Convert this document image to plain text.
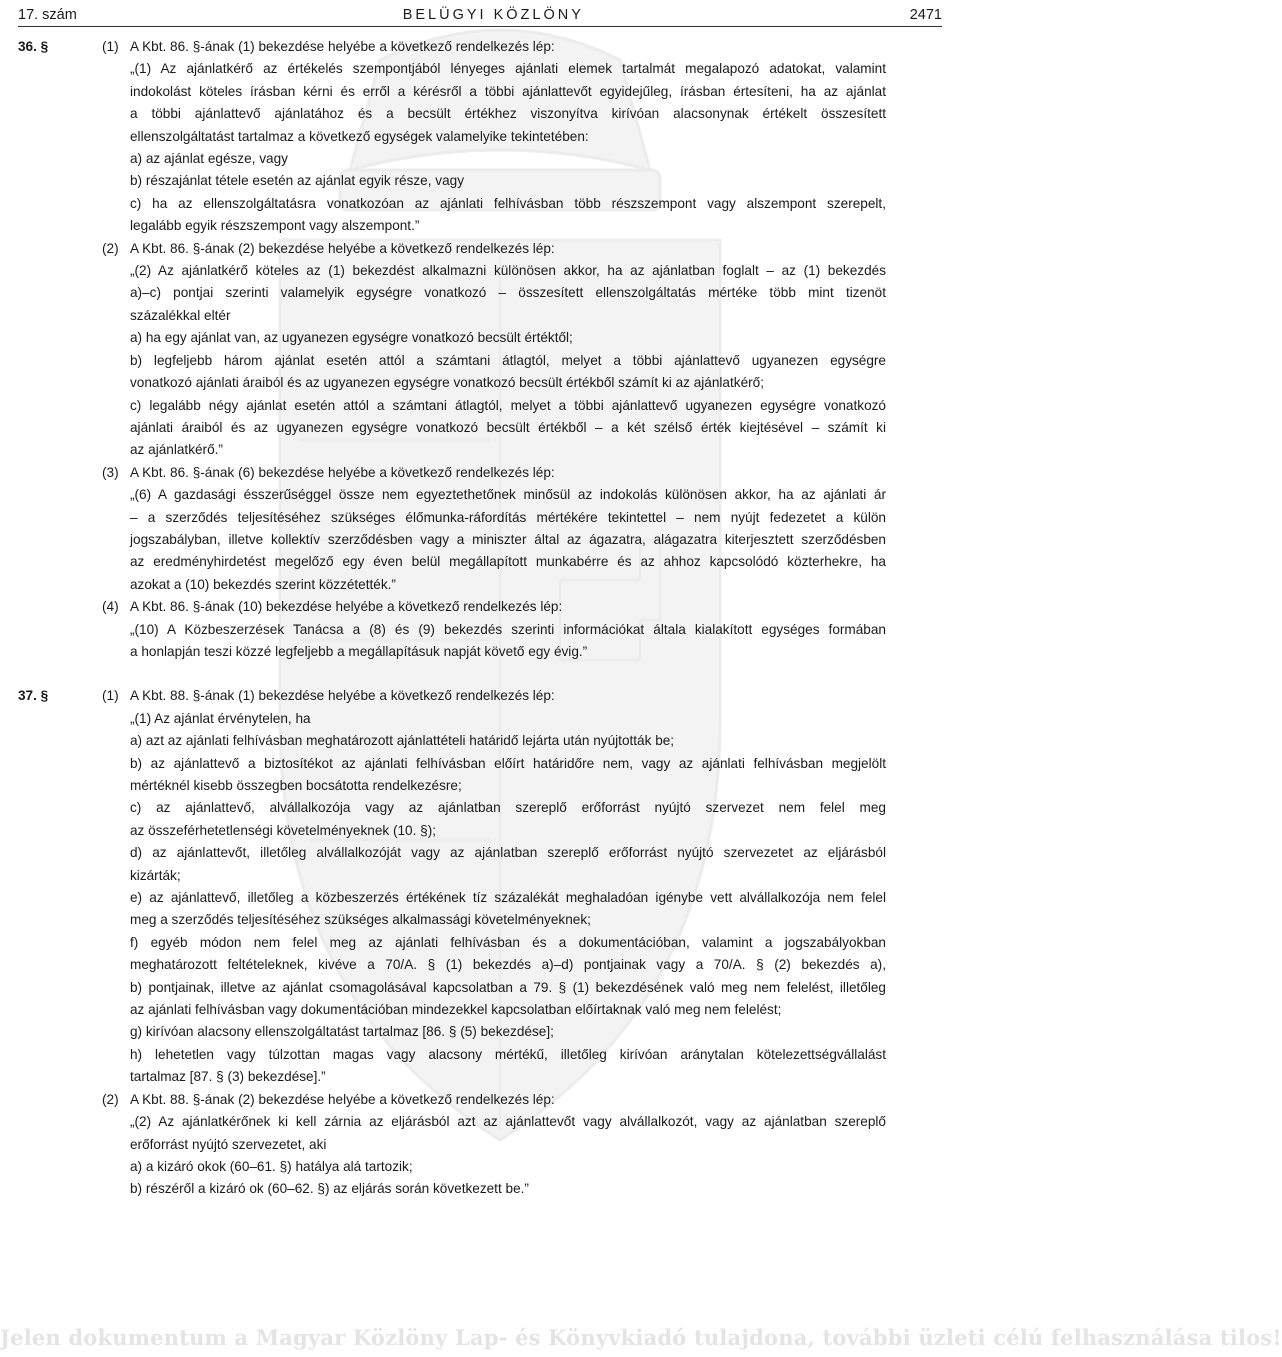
17. szám	BELÜGYI KÖZLÖNY	2471
36. §	(1) A Kbt. 86. §-ának (1) bekezdése helyébe a következő rendelkezés lép:

„(1) Az ajánlatkérő az értékelés szempontjából lényeges ajánlati elemek tartalmát megalapozó adatokat, valamint

indokolást köteles írásban kérni és erről a kérésről a többi ajánlattevőt egyidejűleg, írásban értesíteni, ha az ajánlat

a többi ajánlattevő ajánlatához és a becsült értékhez viszonyítva kirívóan alacsonynak értékelt összesített

ellenszolgáltatást tartalmaz a következő egységek valamelyike tekintetében:

a) az ajánlat egésze, vagy

b) részajánlat tétele esetén az ajánlat egyik része, vagy

c) ha az ellenszolgáltatásra vonatkozóan az ajánlati felhívásban több részszempont vagy alszempont szerepelt,

legalább egyik részszempont vagy alszempont.”

(2) A Kbt. 86. §-ának (2) bekezdése helyébe a következő rendelkezés lép:

„(2) Az ajánlatkérő köteles az (1) bekezdést alkalmazni különösen akkor, ha az ajánlatban foglalt – az (1) bekezdés

a)–c) pontjai szerinti valamelyik egységre vonatkozó – összesített ellenszolgáltatás mértéke több mint tizenöt

százalékkal eltér

a) ha egy ajánlat van, az ugyanezen egységre vonatkozó becsült értéktől;

b) legfeljebb három ajánlat esetén attól a számtani átlagtól, melyet a többi ajánlattevő ugyanezen egységre

vonatkozó ajánlati áraiból és az ugyanezen egységre vonatkozó becsült értékből számít ki az ajánlatkérő;

c) legalább négy ajánlat esetén attól a számtani átlagtól, melyet a többi ajánlattevő ugyanezen egységre vonatkozó

ajánlati áraiból és az ugyanezen egységre vonatkozó becsült értékből – a két szélső érték kiejtésével – számít ki

az ajánlatkérő.”

(3) A Kbt. 86. §-ának (6) bekezdése helyébe a következő rendelkezés lép:

„(6) A gazdasági ésszerűséggel össze nem egyeztethetőnek minősül az indokolás különösen akkor, ha az ajánlati ár

– a szerződés teljesítéséhez szükséges élőmunka-ráfordítás mértékére tekintettel – nem nyújt fedezetet a külön

jogszabályban, illetve kollektív szerződésben vagy a miniszter által az ágazatra, alágazatra kiterjesztett szerződésben

az eredményhirdetést megelőző egy éven belül megállapított munkabérre és az ahhoz kapcsolódó közterhekre, ha

azokat a (10) bekezdés szerint közzétették.”

(4) A Kbt. 86. §-ának (10) bekezdése helyébe a következő rendelkezés lép:

„(10) A Közbeszerzések Tanácsa a (8) és (9) bekezdés szerinti információkat általa kialakított egységes formában

a honlapján teszi közzé legfeljebb a megállapításuk napját követő egy évig.”

37. §	(1) A Kbt. 88. §-ának (1) bekezdése helyébe a következő rendelkezés lép:

„(1) Az ajánlat érvénytelen, ha

a) azt az ajánlati felhívásban meghatározott ajánlattételi határidő lejárta után nyújtották be;

b) az ajánlattevő a biztosítékot az ajánlati felhívásban előírt határidőre nem, vagy az ajánlati felhívásban megjelölt

mértéknél kisebb összegben bocsátotta rendelkezésre;

c) az ajánlattevő, alvállalkozója vagy az ajánlatban szereplő erőforrást nyújtó szervezet nem felel meg

az összeférhetetlenségi követelményeknek (10. §);

d) az ajánlattevőt, illetőleg alvállalkozóját vagy az ajánlatban szereplő erőforrást nyújtó szervezetet az eljárásból

kizárták;

e) az ajánlattevő, illetőleg a közbeszerzés értékének tíz százalékát meghaladóan igénybe vett alvállalkozója nem felel

meg a szerződés teljesítéséhez szükséges alkalmassági követelményeknek;

f) egyéb módon nem felel meg az ajánlati felhívásban és a dokumentációban, valamint a jogszabályokban

meghatározott feltételeknek, kivéve a 70/A. § (1) bekezdés a)–d) pontjainak vagy a 70/A. § (2) bekezdés a),

b) pontjainak, illetve az ajánlat csomagolásával kapcsolatban a 79. § (1) bekezdésének való meg nem felelést, illetőleg

az ajánlati felhívásban vagy dokumentációban mindezekkel kapcsolatban előírtaknak való meg nem felelést;

g) kirívóan alacsony ellenszolgáltatást tartalmaz [86. § (5) bekezdése];

h) lehetetlen vagy túlzottan magas vagy alacsony mértékű, illetőleg kirívóan aránytalan kötelezettségvállalást

tartalmaz [87. § (3) bekezdése].”

(2) A Kbt. 88. §-ának (2) bekezdése helyébe a következő rendelkezés lép:

„(2) Az ajánlatkérőnek ki kell zárnia az eljárásból azt az ajánlattevőt vagy alvállalkozót, vagy az ajánlatban szereplő

erőforrást nyújtó szervezetet, aki

a) a kizáró okok (60–61. §) hatálya alá tartozik;

b) részéről a kizáró ok (60–62. §) az eljárás során következett be.”

Jelen dokumentum a Magyar Közlöny Lap- és Könyvkiadó tulajdona, további üzleti célú felhasználása tilos!
